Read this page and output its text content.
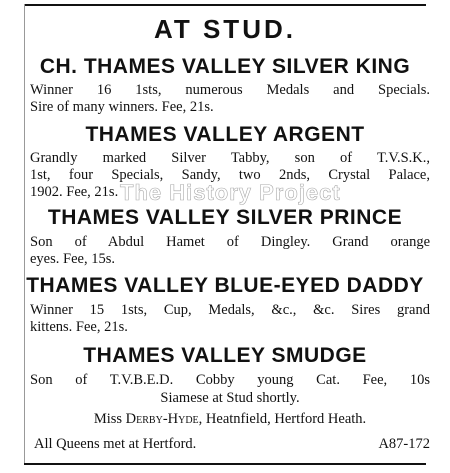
AT STUD.
CH. THAMES VALLEY SILVER KING
Winner 16 1sts, numerous Medals and Specials.
Sire of many winners. Fee, 21s.
THAMES VALLEY ARGENT
Grandly marked Silver Tabby, son of T.V.S.K.,
1st, four Specials, Sandy, two 2nds, Crystal Palace,
1902. Fee, 21s.
THAMES VALLEY SILVER PRINCE
Son of Abdul Hamet of Dingley. Grand orange
eyes. Fee, 15s.
THAMES VALLEY BLUE-EYED DADDY
Winner 15 1sts, Cup, Medals, &c., &c. Sires grand
kittens. Fee, 21s.
THAMES VALLEY SMUDGE
Son of T.V.B.E.D. Cobby young Cat. Fee, 10s
Siamese at Stud shortly.
Miss Derby-Hyde, Heatnfield, Hertford Heath.
All Queens met at Hertford.	A87-172
The History Project
